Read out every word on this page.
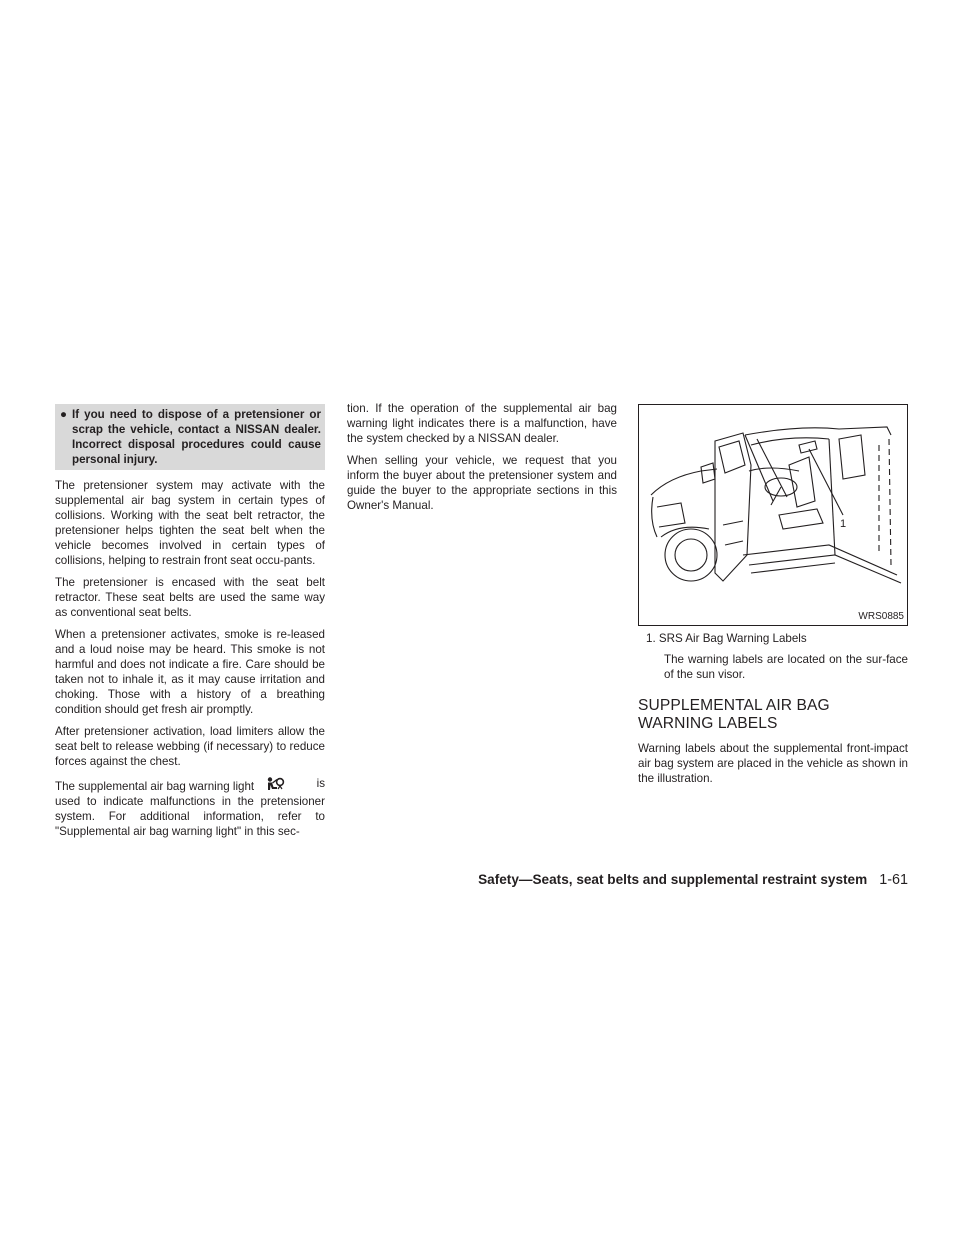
● If you need to dispose of a pretensioner or scrap the vehicle, contact a NISSAN dealer. Incorrect disposal procedures could cause personal injury.

The pretensioner system may activate with the supplemental air bag system in certain types of collisions. Working with the seat belt retractor, the pretensioner helps tighten the seat belt when the vehicle becomes involved in certain types of collisions, helping to restrain front seat occu-pants.

The pretensioner is encased with the seat belt retractor. These seat belts are used the same way as conventional seat belts.

When a pretensioner activates, smoke is re-leased and a loud noise may be heard. This smoke is not harmful and does not indicate a fire. Care should be taken not to inhale it, as it may cause irritation and choking. Those with a history of a breathing condition should get fresh air promptly.

After pretensioner activation, load limiters allow the seat belt to release webbing (if necessary) to reduce forces against the chest.

The supplemental air bag warning light	is
used to indicate malfunctions in the pretensioner system. For additional information, refer to "Supplemental air bag warning light" in this sec-

tion. If the operation of the supplemental air bag warning light indicates there is a malfunction, have the system checked by a NISSAN dealer.

When selling your vehicle, we request that you inform the buyer about the pretensioner system and guide the buyer to the appropriate sections in this Owner's Manual.

1
WRS0885

1. SRS Air Bag Warning Labels

The warning labels are located on the sur-face of the sun visor.

SUPPLEMENTAL AIR BAG
WARNING LABELS

Warning labels about the supplemental front-impact air bag system are placed in the vehicle as shown in the illustration.

Safety—Seats, seat belts and supplemental restraint system 1-61
